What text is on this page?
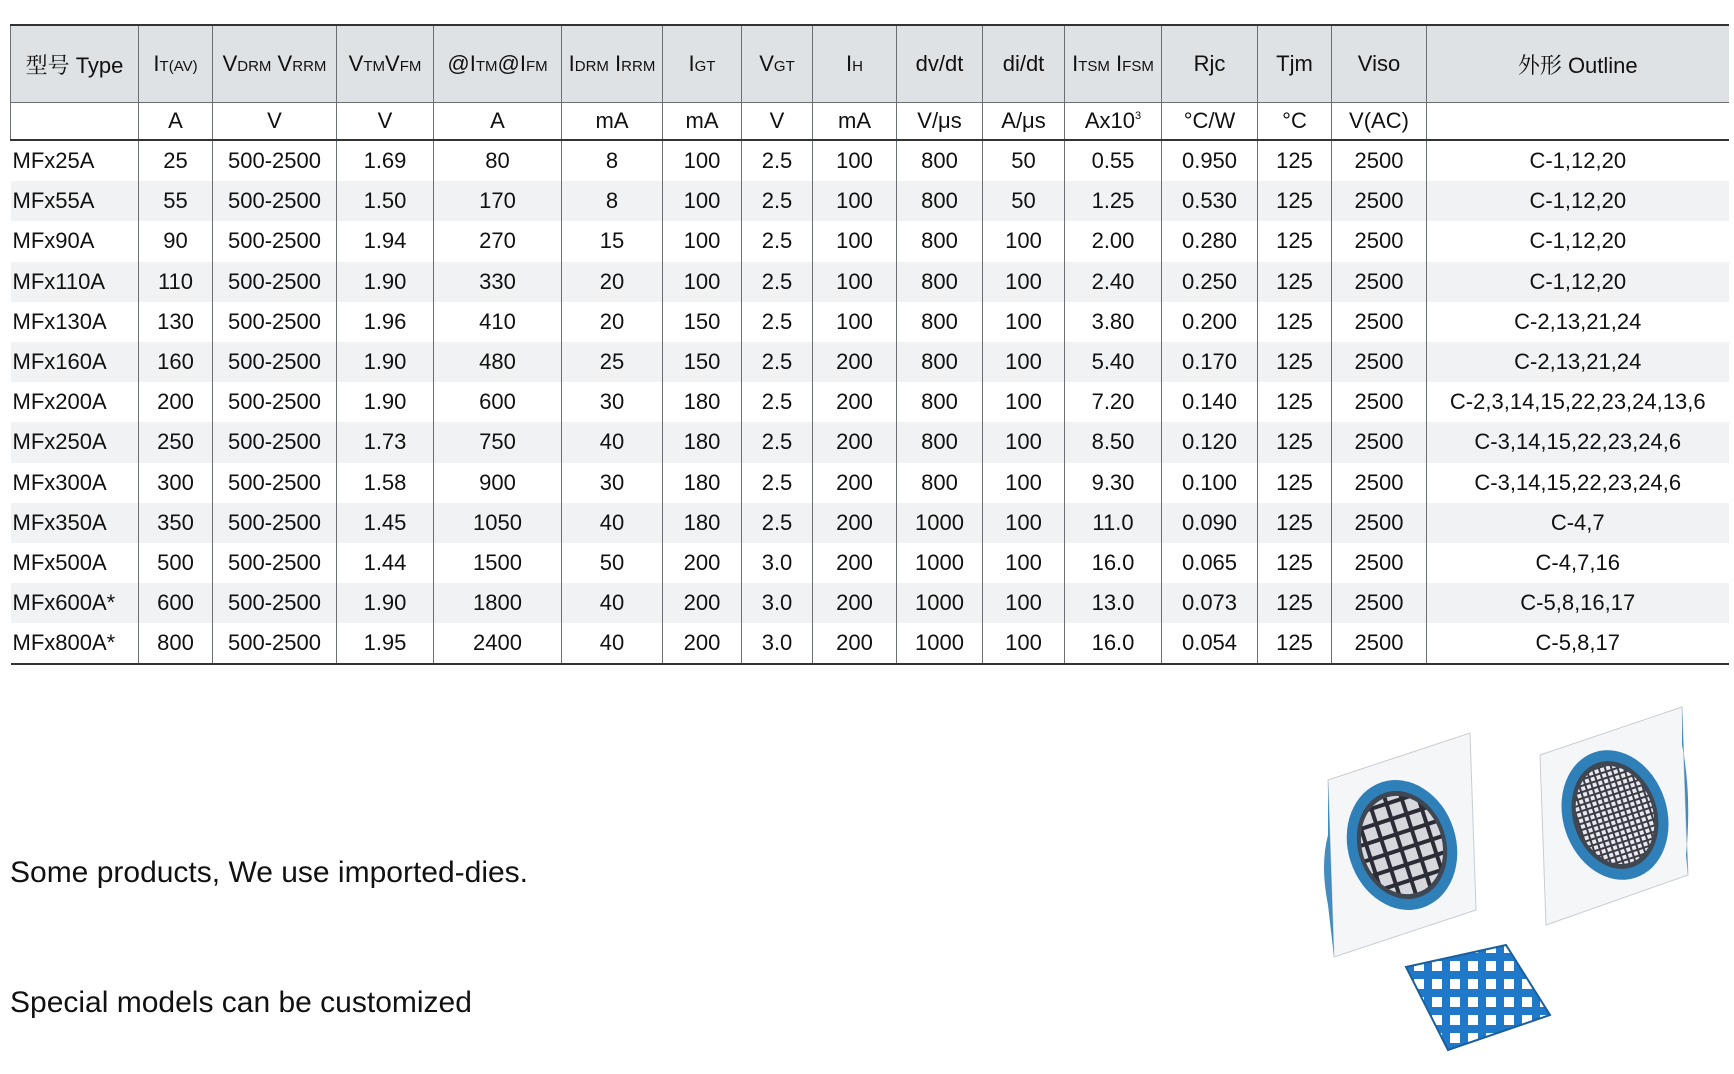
型号 Type	IT(AV)	VDRM VRRM	VTMVFM	@ITM@IFM	IDRM IRRM	IGT	VGT	IH	dv/dt	di/dt	ITSM IFSM	Rjc	Tjm	Viso	外形 Outline
	A	V	V	A	mA	mA	V	mA	V/μs	A/μs	$Ax10^3$	°C/W	°C	V(AC)	
MFx25A	25	500-2500	1.69	80	8	100	2.5	100	800	50	0.55	0.950	125	2500	C-1,12,20
MFx55A	55	500-2500	1.50	170	8	100	2.5	100	800	50	1.25	0.530	125	2500	C-1,12,20
MFx90A	90	500-2500	1.94	270	15	100	2.5	100	800	100	2.00	0.280	125	2500	C-1,12,20
MFx110A	110	500-2500	1.90	330	20	100	2.5	100	800	100	2.40	0.250	125	2500	C-1,12,20
MFx130A	130	500-2500	1.96	410	20	150	2.5	100	800	100	3.80	0.200	125	2500	C-2,13,21,24
MFx160A	160	500-2500	1.90	480	25	150	2.5	200	800	100	5.40	0.170	125	2500	C-2,13,21,24
MFx200A	200	500-2500	1.90	600	30	180	2.5	200	800	100	7.20	0.140	125	2500	C-2,3,14,15,22,23,24,13,6
MFx250A	250	500-2500	1.73	750	40	180	2.5	200	800	100	8.50	0.120	125	2500	C-3,14,15,22,23,24,6
MFx300A	300	500-2500	1.58	900	30	180	2.5	200	800	100	9.30	0.100	125	2500	C-3,14,15,22,23,24,6
MFx350A	350	500-2500	1.45	1050	40	180	2.5	200	1000	100	11.0	0.090	125	2500	C-4,7
MFx500A	500	500-2500	1.44	1500	50	200	3.0	200	1000	100	16.0	0.065	125	2500	C-4,7,16
MFx600A*	600	500-2500	1.90	1800	40	200	3.0	200	1000	100	13.0	0.073	125	2500	C-5,8,16,17
MFx800A*	800	500-2500	1.95	2400	40	200	3.0	200	1000	100	16.0	0.054	125	2500	C-5,8,17
Some products, We use imported-dies.
Special models can be customized
